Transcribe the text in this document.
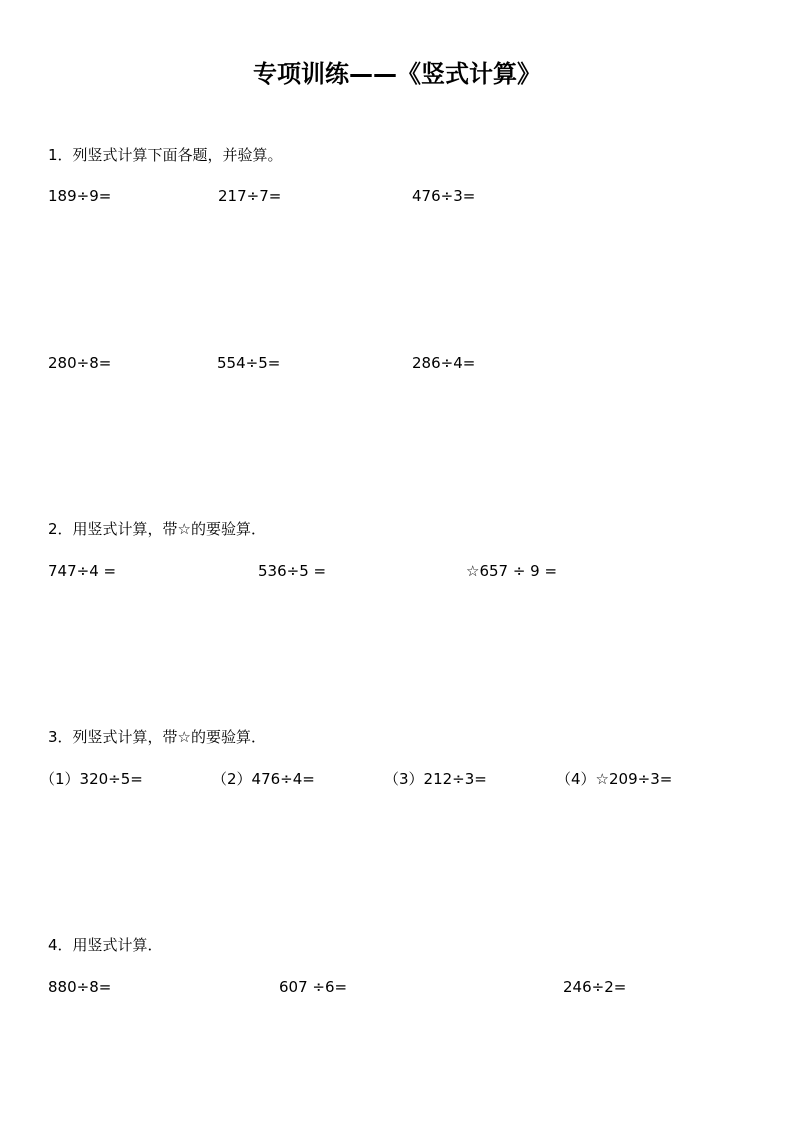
专项训练——《竖式计算》
1．列竖式计算下面各题，并验算。
189÷9=	217÷7=	476÷3=
280÷8=	554÷5=	286÷4=
2．用竖式计算，带☆的要验算．
747÷4 =	536÷5 =	☆657 ÷ 9 =
3．列竖式计算，带☆的要验算．
（1）320÷5=	（2）476÷4=	（3）212÷3=	（4）☆209÷3=
4．用竖式计算．
880÷8=	607 ÷6=	246÷2=
